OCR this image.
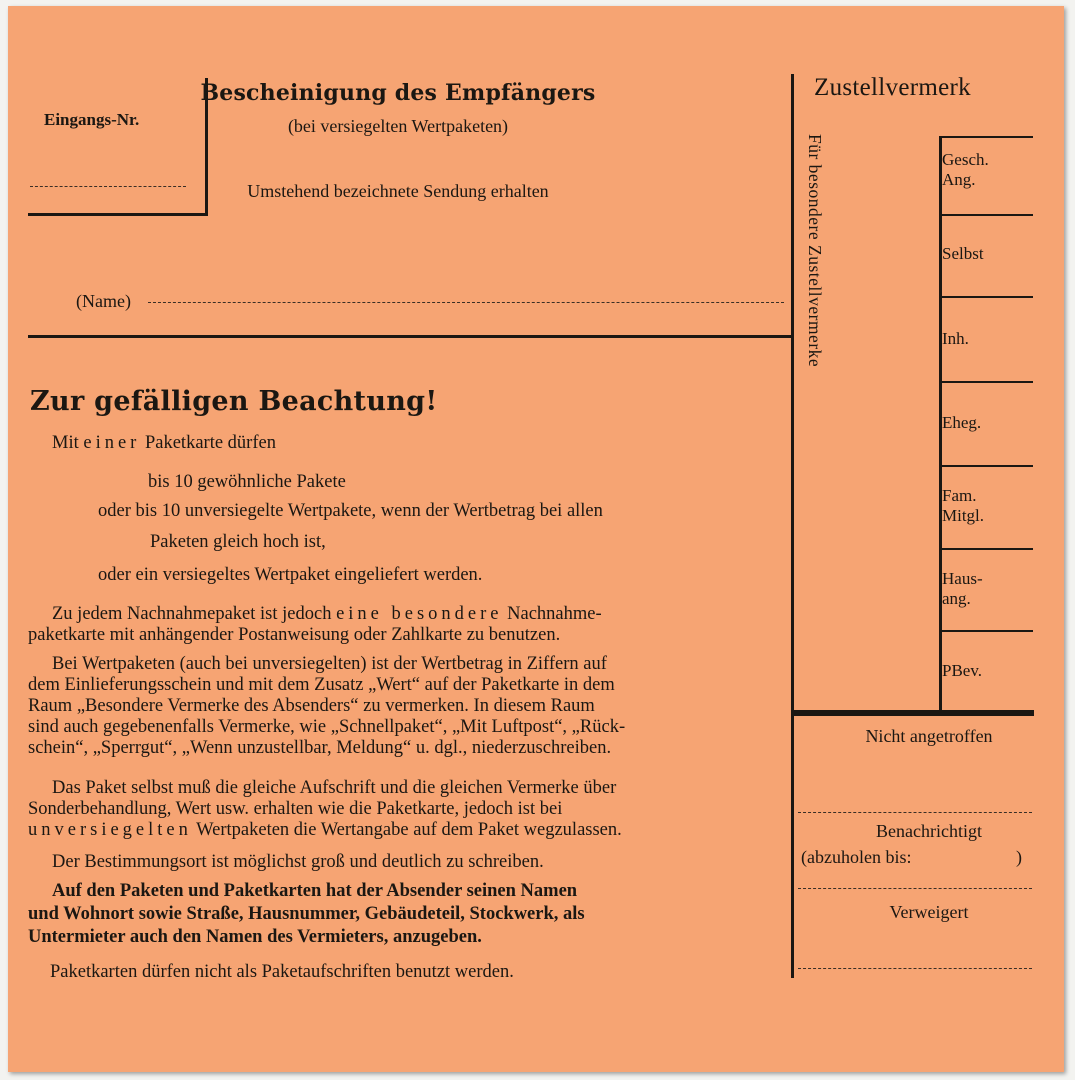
Eingangs-Nr.
Bescheinigung des Empfängers
(bei versiegelten Wertpaketen)
Umstehend bezeichnete Sendung erhalten
(Name)
Zur gefälligen Beachtung!
Mit einer Paketkarte dürfen
bis 10 gewöhnliche Pakete
oder bis 10 unversiegelte Wertpakete, wenn der Wertbetrag bei allen
Paketen gleich hoch ist,
oder ein versiegeltes Wertpaket eingeliefert werden.
Zu jedem Nachnahmepaket ist jedoch eine besondere Nachnahme-
paketkarte mit anhängender Postanweisung oder Zahlkarte zu benutzen.
Bei Wertpaketen (auch bei unversiegelten) ist der Wertbetrag in Ziffern auf
dem Einlieferungsschein und mit dem Zusatz „Wert“ auf der Paketkarte in dem
Raum „Besondere Vermerke des Absenders“ zu vermerken. In diesem Raum
sind auch gegebenenfalls Vermerke, wie „Schnellpaket“, „Mit Luftpost“, „Rück-
schein“, „Sperrgut“, „Wenn unzustellbar, Meldung“ u. dgl., niederzuschreiben.
Das Paket selbst muß die gleiche Aufschrift und die gleichen Vermerke über
Sonderbehandlung, Wert usw. erhalten wie die Paketkarte, jedoch ist bei
unversiegelten Wertpaketen die Wertangabe auf dem Paket wegzulassen.
Der Bestimmungsort ist möglichst groß und deutlich zu schreiben.
Auf den Paketen und Paketkarten hat der Absender seinen Namen
und Wohnort sowie Straße, Hausnummer, Gebäudeteil, Stockwerk, als
Untermieter auch den Namen des Vermieters, anzugeben.
Paketkarten dürfen nicht als Paketaufschriften benutzt werden.
Zustellvermerk
Für besondere Zustellvermerke	Gesch.
Ang.
Selbst
Inh.
Eheg.
Fam.
Mitgl.
Haus-
ang.
PBev.
Nicht angetroffen
Benachrichtigt
(abzuholen bis:	)
Verweigert
